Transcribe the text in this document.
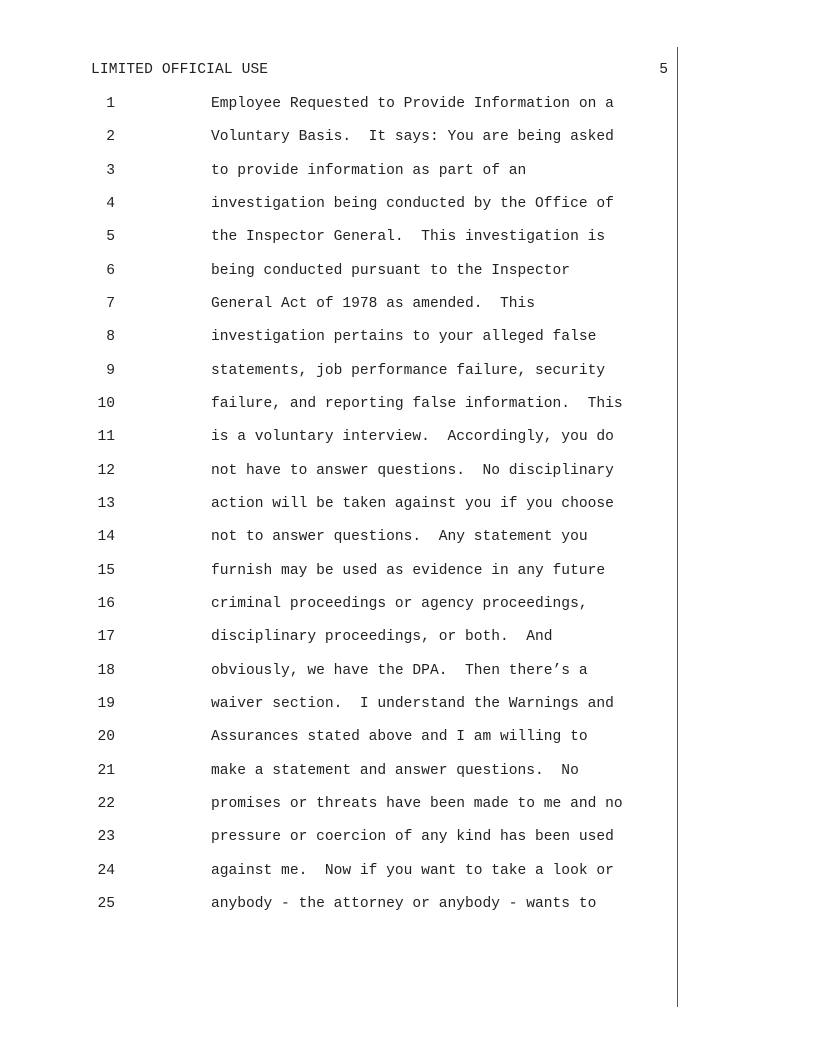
LIMITED OFFICIAL USE	5
1	Employee Requested to Provide Information on a
2	Voluntary Basis.  It says: You are being asked
3	to provide information as part of an
4	investigation being conducted by the Office of
5	the Inspector General.  This investigation is
6	being conducted pursuant to the Inspector
7	General Act of 1978 as amended.  This
8	investigation pertains to your alleged false
9	statements, job performance failure, security
10	failure, and reporting false information.  This
11	is a voluntary interview.  Accordingly, you do
12	not have to answer questions.  No disciplinary
13	action will be taken against you if you choose
14	not to answer questions.  Any statement you
15	furnish may be used as evidence in any future
16	criminal proceedings or agency proceedings,
17	disciplinary proceedings, or both.  And
18	obviously, we have the DPA.  Then there’s a
19	waiver section.  I understand the Warnings and
20	Assurances stated above and I am willing to
21	make a statement and answer questions.  No
22	promises or threats have been made to me and no
23	pressure or coercion of any kind has been used
24	against me.  Now if you want to take a look or
25	anybody - the attorney or anybody - wants to
